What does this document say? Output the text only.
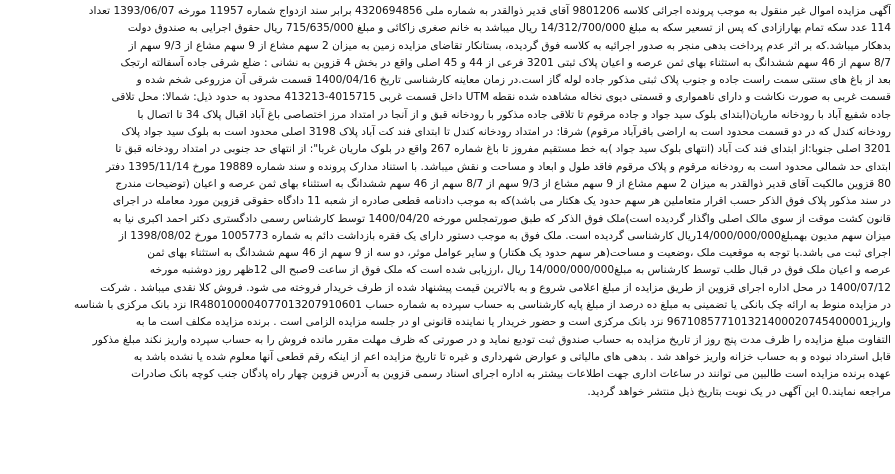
آگهی مزایده اموال غیر منقول به موجب پرونده اجرائی کلاسه 9801206 آقای قدیر ذوالقدر به شماره ملی 4320694856 برابر سند ازدواج شماره 11957 مورخه 1393/06/07 تعداد
114 عدد سکه تمام بهارازادی که پس از تسعیر سکه به مبلغ 14/312/700/000 ریال میباشد به خانم صغری زاکائی و مبلغ 715/635/000 ریال حقوق اجرایی به صندوق دولت
بدهکار میباشد.که بر اثر عدم پرداخت بدهی منجر به صدور اجرائیه به کلاسه فوق گردیده، بستانکار تقاضای مزایده زمین به میزان 2 سهم مشاع از 9 سهم مشاع از 9/3 سهم از
8/7 سهم از 46 سهم ششدانگ به استثناء بهای ثمن عرصه و اعیان پلاک ثبتی 3201 فرعی از 44 و 45 اصلی واقع در بخش 4 قزوین به نشانی : ضلع شرقی جاده آسفالته ارتجک
بعد از باغ های سنتی سمت راست جاده و جنوب پلاک ثبتی مذکور جاده لوله گاز است.در زمان معاینه کارشناسی تاریخ 1400/04/16 قسمت شرقی آن مزروعی شخم شده و
قسمت غربی به صورت نکاشت و دارای ناهمواری و قسمتی دیوی نخاله مشاهده شده نقطه UTM داخل قسمت غربی 4015715-413213 محدود به حدود ذیل: شمالا: محل تلاقی
جاده شفیع آباد با رودخانه ماریان(ابتدای بلوک سید جواد و جاده مرقوم تا تلاقی جاده مذکور با رودخانه قبق و از آنجا در امتداد مرز اختصاصی باغ آباد اقبال پلاک 34 تا اتصال با
رودخانه کندل که در دو قسمت محدود است به اراضی باقرآباد مرقوم) شرقا: در امتداد رودخانه کندل تا ابتدای فند کت آباد پلاک 3198 اصلی محدود است به بلوک سید جواد پلاک
3201 اصلی جنوبا:از ابتدای فند کت آباد (انتهای بلوک سید جواد )به خط مستقیم مفروز تا باغ شماره 267 واقع در بلوک ماریان غربا": از انتهای حد جنوبی در امتداد رودخانه قبق تا
ابتدای حد شمالی محدود است به رودخانه مرقوم و پلاک مرقوم فاقد طول و ابعاد و مساحت و نقش میباشد. با استناد مدارک پرونده و سند شماره 19889 مورخ 1395/11/14 دفتر
80 قزوین مالکیت آقای قدیر ذوالقدر به میزان 2 سهم مشاع از 9 سهم مشاع از 9/3 سهم از 8/7 سهم از 46 سهم ششدانگ به استثناء بهای ثمن عرصه و اعیان (توضیحات مندرج
در سند مذکور پلاک فوق الذکر حسب اقرار متعاملین هر سهم حدود یک هکتار می باشد)که به موجب دادنامه قطعی صادره از شعبه 11 دادگاه حقوقی قزوین مورد معامله در اجرای
قانون کشت موقت از سوی مالک اصلی واگذار گردیده است)ملک فوق الذکر که طبق صورتمجلس مورخه 1400/04/20 توسط کارشناس رسمی دادگستری دکتر احمد اکبری نیا به
میزان سهم مدیون بهمبلغ14/000/000/000ریال کارشناسی گردیده است. ملک فوق به موجب دستور دارای یک فقره بازداشت دائم به شماره 1005773 مورخ 1398/08/02 از
اجرای ثبت می باشد.با توجه به موقعیت ملک ،وضعیت و مساحت(هر سهم حدود یک هکتار) و سایر عوامل موثر، دو سه از 9 سهم از 46 سهم ششدانگ به استثناء بهای ثمن
عرصه و اعیان ملک فوق در قبال طلب توسط کارشناس به مبلغ14/000/000/000 ریال ،ارزیابی شده است که ملک فوق از ساعت 9صبح الی 12ظهر روز دوشنبه مورخه
1400/07/12 در محل اداره اجرای قزوین از طریق مزایده از مبلغ اعلامی شروع و به بالاترین قیمت پیشنهاد شده از طرف خریدار فروخته می شود. فروش کلا نقدی میباشد . شرکت
در مزایده منوط به ارائه چک بانکی یا تضمینی به مبلغ ده درصد از مبلغ پایه کارشناسی به حساب سپرده به شماره حساب IR480100004077013207910601 نزد بانک مرکزی با شناسه
واریز967108577101321400020745400001 نزد بانک مرکزی است و حضور خریدار یا نماینده قانونی او در جلسه مزایده الزامی است . برنده مزایده مکلف است ما به
التفاوت مبلغ مزایده را ظرف مدت پنج روز از تاریخ مزایده به حساب صندوق ثبت تودیع نماید و در صورتی که ظرف مهلت مقرر مانده فروش را به حساب سپرده واریز نکند مبلغ مذکور
قابل استرداد نبوده و به حساب خزانه واریز خواهد شد . بدهی های مالیاتی و عوارض شهرداری و غیره تا تاریخ مزایده اعم از اینکه رقم قطعی آنها معلوم شده یا نشده باشد به
عهده برنده مزایده است طالبین می توانند در ساعات اداری جهت اطلاعات بیشتر به اداره اجرای اسناد رسمی قزوین به آدرس قزوین چهار راه پادگان جنب کوچه بانک صادرات
مراجعه نمایند.0 این آگهی در یک نوبت بتاریخ ذیل منتشر خواهد گردید.
